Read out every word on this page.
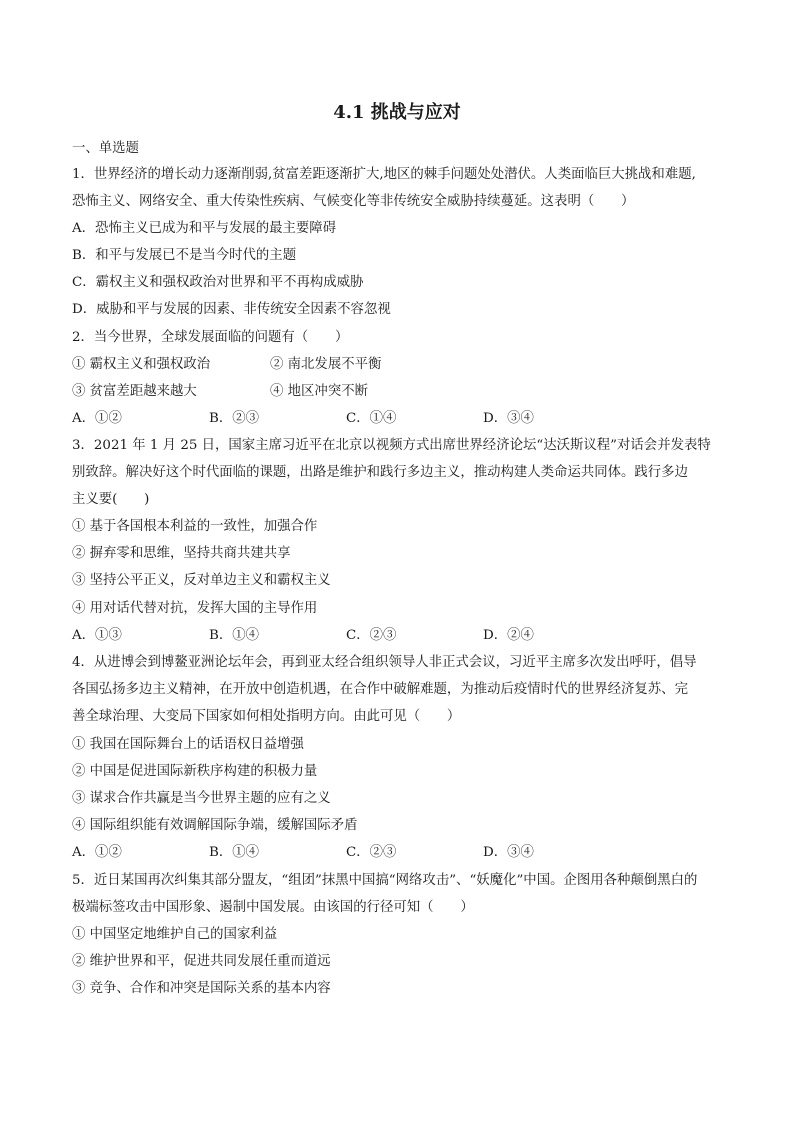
4.1 挑战与应对
一、单选题
1．世界经济的增长动力逐渐削弱,贫富差距逐渐扩大,地区的棘手问题处处潜伏。人类面临巨大挑战和难题,
恐怖主义、网络安全、重大传染性疾病、气候变化等非传统安全威胁持续蔓延。这表明（　　）
A．恐怖主义已成为和平与发展的最主要障碍
B．和平与发展已不是当今时代的主题
C．霸权主义和强权政治对世界和平不再构成威胁
D．威胁和平与发展的因素、非传统安全因素不容忽视
2．当今世界，全球发展面临的问题有（　　）
① 霸权主义和强权政治	② 南北发展不平衡
③ 贫富差距越来越大	④ 地区冲突不断
A．①②	B．②③	C．①④	D．③④
3．2021 年 1 月 25 日，国家主席习近平在北京以视频方式出席世界经济论坛“达沃斯议程”对话会并发表特
别致辞。解决好这个时代面临的课题，出路是维护和践行多边主义，推动构建人类命运共同体。践行多边
主义要(　　)
① 基于各国根本利益的一致性，加强合作
② 摒弃零和思维，坚持共商共建共享
③ 坚持公平正义，反对单边主义和霸权主义
④ 用对话代替对抗，发挥大国的主导作用
A．①③	B．①④	C．②③	D．②④
4．从进博会到博鳌亚洲论坛年会，再到亚太经合组织领导人非正式会议，习近平主席多次发出呼吁，倡导
各国弘扬多边主义精神，在开放中创造机遇，在合作中破解难题，为推动后疫情时代的世界经济复苏、完
善全球治理、大变局下国家如何相处指明方向。由此可见（　　）
① 我国在国际舞台上的话语权日益增强
② 中国是促进国际新秩序构建的积极力量
③ 谋求合作共赢是当今世界主题的应有之义
④ 国际组织能有效调解国际争端，缓解国际矛盾
A．①②	B．①④	C．②③	D．③④
5．近日某国再次纠集其部分盟友，“组团”抹黑中国搞“网络攻击”、“妖魔化”中国。企图用各种颠倒黑白的
极端标签攻击中国形象、遏制中国发展。由该国的行径可知（　　）
① 中国坚定地维护自己的国家利益
② 维护世界和平，促进共同发展任重而道远
③ 竞争、合作和冲突是国际关系的基本内容
